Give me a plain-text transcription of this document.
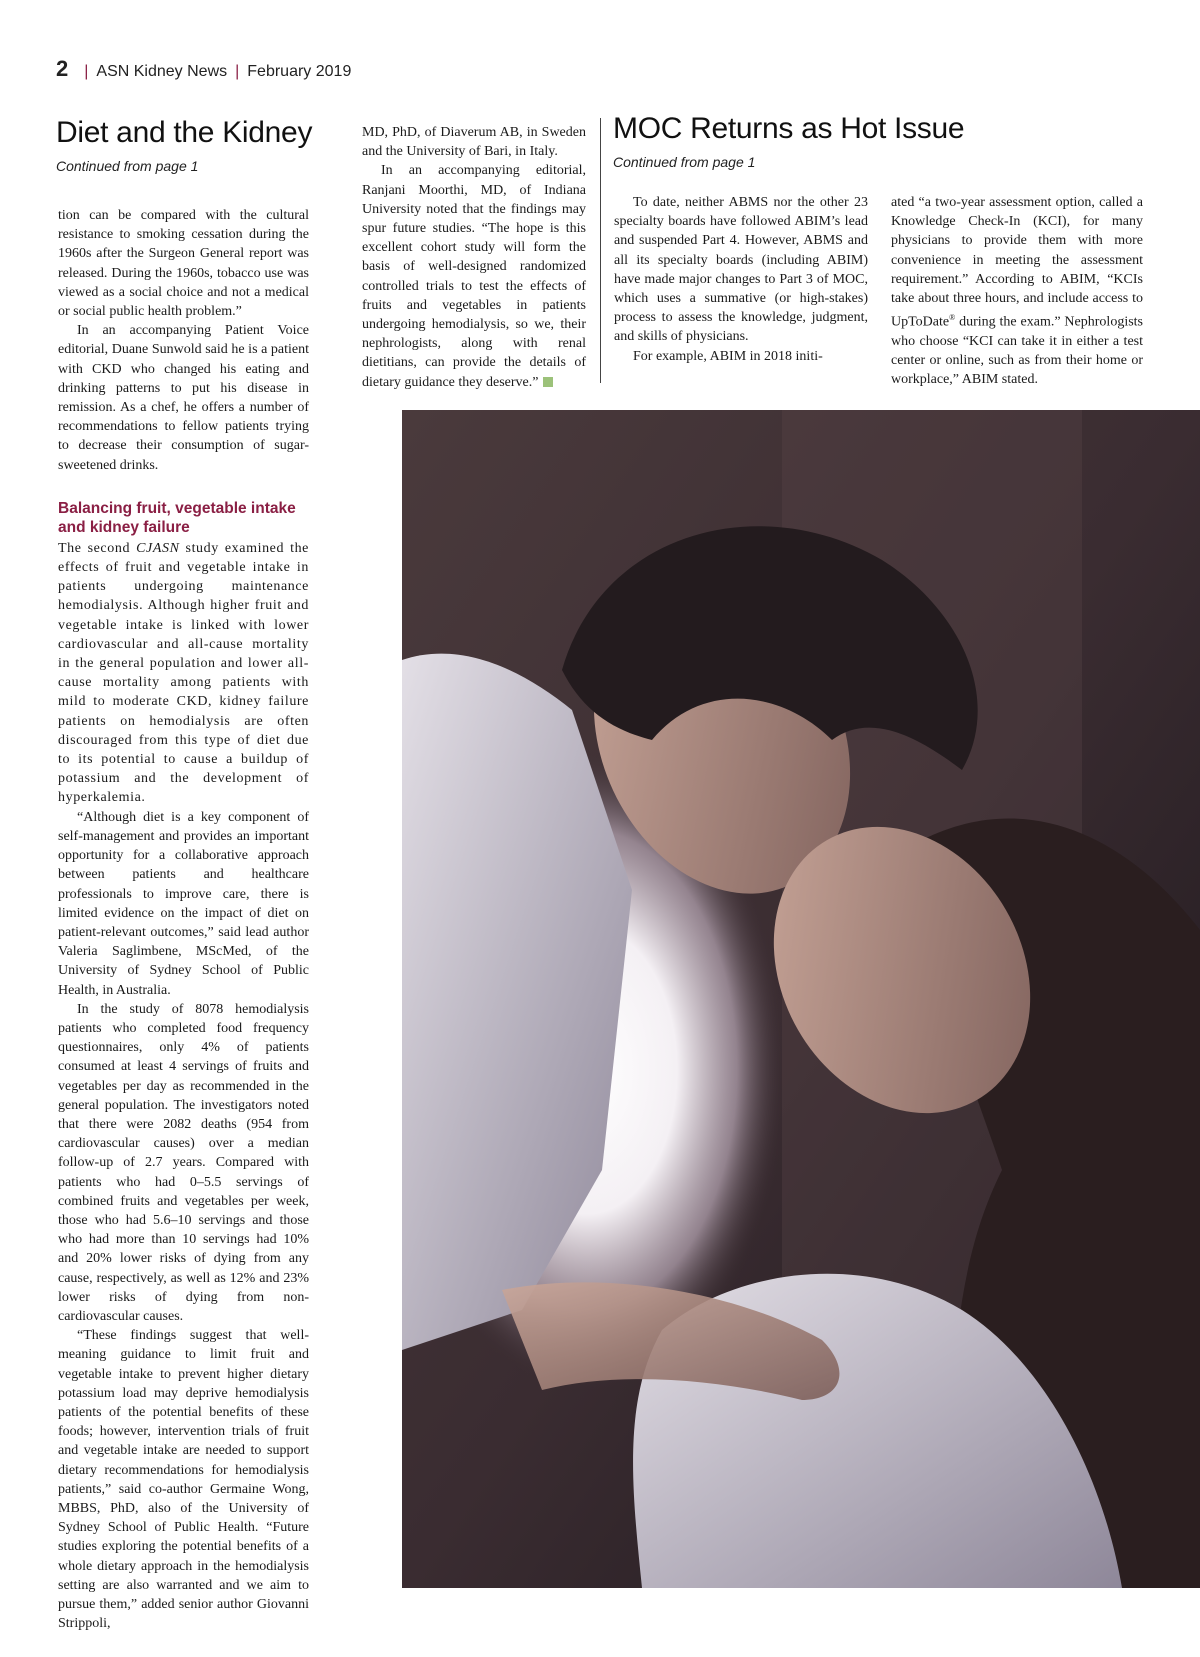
2 | ASN Kidney News | February 2019
Diet and the Kidney
Continued from page 1

tion can be compared with the cultural resistance to smoking cessation during the 1960s after the Surgeon General report was released. During the 1960s, tobacco use was viewed as a social choice and not a medical or social public health problem.”

In an accompanying Patient Voice editorial, Duane Sunwold said he is a patient with CKD who changed his eating and drinking patterns to put his disease in remission. As a chef, he offers a number of recommendations to fellow patients trying to decrease their consumption of sugar-sweetened drinks.

Balancing fruit, vegetable intake and kidney failure

The second CJASN study examined the effects of fruit and vegetable intake in patients undergoing maintenance hemodialysis. Although higher fruit and vegetable intake is linked with lower cardiovascular and all-cause mortality in the general population and lower all-cause mortality among patients with mild to moderate CKD, kidney failure patients on hemodialysis are often discouraged from this type of diet due to its potential to cause a buildup of potassium and the development of hyperkalemia.

“Although diet is a key component of self-management and provides an important opportunity for a collaborative approach between patients and healthcare professionals to improve care, there is limited evidence on the impact of diet on patient-relevant outcomes,” said lead author Valeria Saglimbene, MScMed, of the University of Sydney School of Public Health, in Australia.

In the study of 8078 hemodialysis patients who completed food frequency questionnaires, only 4% of patients consumed at least 4 servings of fruits and vegetables per day as recommended in the general population. The investigators noted that there were 2082 deaths (954 from cardiovascular causes) over a median follow-up of 2.7 years. Compared with patients who had 0–5.5 servings of combined fruits and vegetables per week, those who had 5.6–10 servings and those who had more than 10 servings had 10% and 20% lower risks of dying from any cause, respectively, as well as 12% and 23% lower risks of dying from non-cardiovascular causes.

“These findings suggest that well-meaning guidance to limit fruit and vegetable intake to prevent higher dietary potassium load may deprive hemodialysis patients of the potential benefits of these foods; however, intervention trials of fruit and vegetable intake are needed to support dietary recommendations for hemodialysis patients,” said co-author Germaine Wong, MBBS, PhD, also of the University of Sydney School of Public Health. “Future studies exploring the potential benefits of a whole dietary approach in the hemodialysis setting are also warranted and we aim to pursue them,” added senior author Giovanni Strippoli,

MD, PhD, of Diaverum AB, in Sweden and the University of Bari, in Italy.

In an accompanying editorial, Ranjani Moorthi, MD, of Indiana University noted that the findings may spur future studies. “The hope is this excellent cohort study will form the basis of well-designed randomized controlled trials to test the effects of fruits and vegetables in patients undergoing hemodialysis, so we, their nephrologists, along with renal dietitians, can provide the details of dietary guidance they deserve.”

MOC Returns as Hot Issue
Continued from page 1

To date, neither ABMS nor the other 23 specialty boards have followed ABIM’s lead and suspended Part 4. However, ABMS and all its specialty boards (including ABIM) have made major changes to Part 3 of MOC, which uses a summative (or high-stakes) process to assess the knowledge, judgment, and skills of physicians.

For example, ABIM in 2018 initi-

ated “a two-year assessment option, called a Knowledge Check-In (KCI), for many physicians to provide them with more convenience in meeting the assessment requirement.” According to ABIM, “KCIs take about three hours, and include access to UpToDate® during the exam.” Nephrologists who choose “KCI can take it in either a test center or online, such as from their home or workplace,” ABIM stated.
